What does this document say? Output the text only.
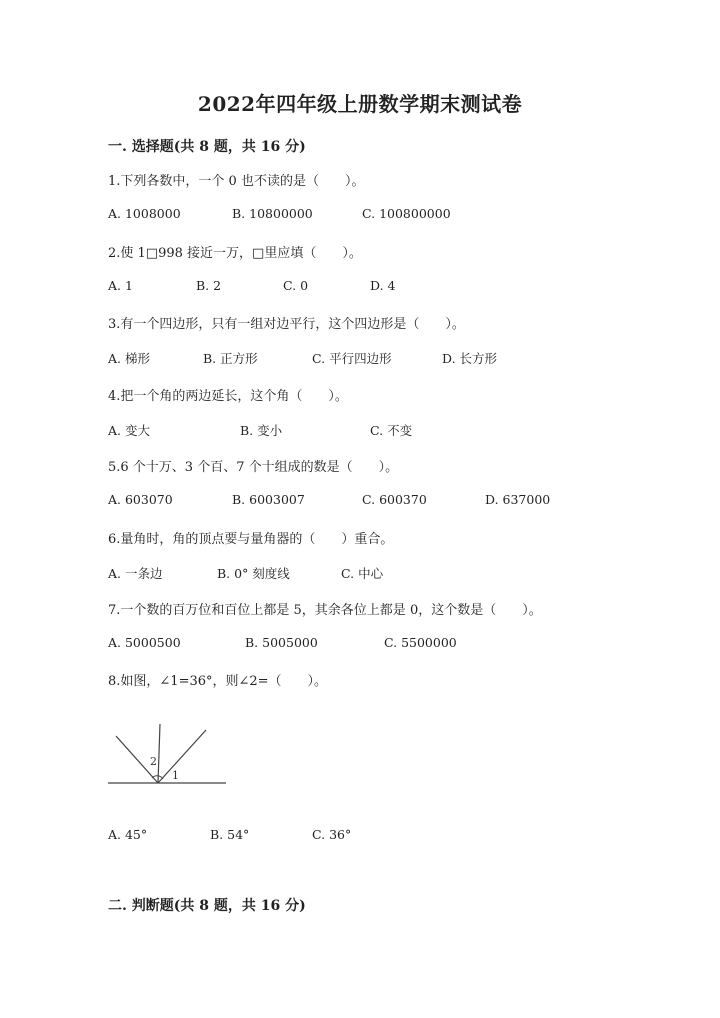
2022年四年级上册数学期末测试卷
一. 选择题(共 8 题，共 16 分)
1.下列各数中，一个 0 也不读的是（　　）。
A. 1008000	B. 10800000	C. 100800000
2.使 1□998 接近一万，□里应填（　　）。
A. 1	B. 2	C. 0	D. 4
3.有一个四边形，只有一组对边平行，这个四边形是（　　）。
A. 梯形	B. 正方形	C. 平行四边形	D. 长方形
4.把一个角的两边延长，这个角（　　）。
A. 变大	B. 变小	C. 不变
5.6 个十万、3 个百、7 个十组成的数是（　　）。
A. 603070	B. 6003007	C. 600370	D. 637000
6.量角时，角的顶点要与量角器的（　　）重合。
A. 一条边	B. 0° 刻度线	C. 中心
7.一个数的百万位和百位上都是 5，其余各位上都是 0，这个数是（　　）。
A. 5000500	B. 5005000	C. 5500000
8.如图，∠1=36°，则∠2=（　　）。
2
1
A. 45°	B. 54°	C. 36°
二. 判断题(共 8 题，共 16 分)
